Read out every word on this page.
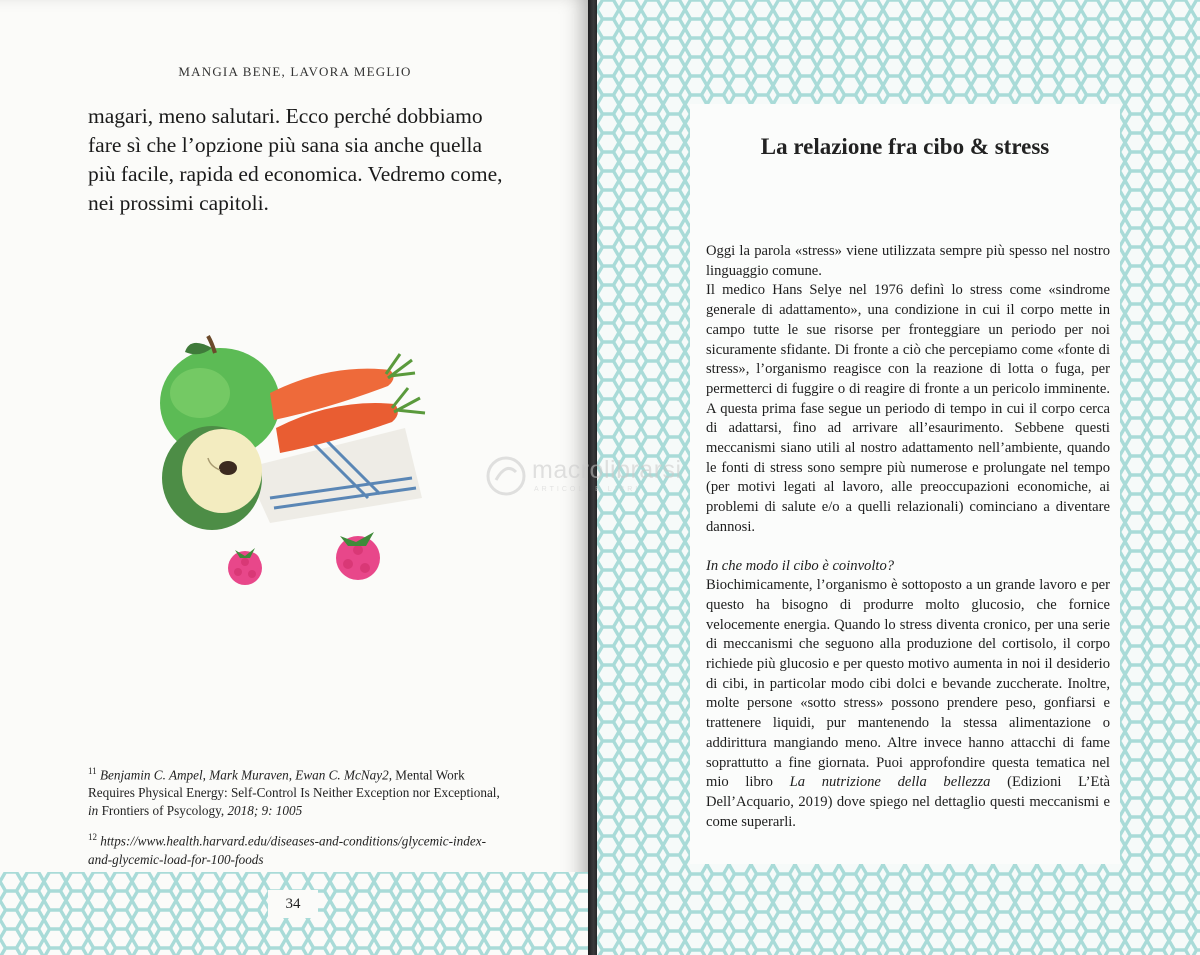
MANGIA BENE, LAVORA MEGLIO

magari, meno salutari. Ecco perché dobbiamo fare sì che l’opzione più sana sia anche quella più facile, rapida ed economica. Vedremo come, nei prossimi capitoli.

$^{11}$ Benjamin C. Ampel, Mark Muraven, Ewan C. McNay2, Mental Work Requires Physical Energy: Self-Control Is Neither Exception nor Exceptional, in Frontiers of Psycology, 2018; 9: 1005

$^{12}$ https://www.health.harvard.edu/diseases-and-conditions/glycemic-index-and-glycemic-load-for-100-foods

34
La relazione fra cibo & stress

Oggi la parola «stress» viene utilizzata sempre più spesso nel nostro linguaggio comune.

Il medico Hans Selye nel 1976 definì lo stress come «sindrome generale di adattamento», una condizione in cui il corpo mette in campo tutte le sue risorse per fronteggiare un periodo per noi sicuramente sfidante. Di fronte a ciò che percepiamo come «fonte di stress», l’organismo reagisce con la reazione di lotta o fuga, per permetterci di fuggire o di reagire di fronte a un pericolo imminente. A questa prima fase segue un periodo di tempo in cui il corpo cerca di adattarsi, fino ad arrivare all’esaurimento. Sebbene questi meccanismi siano utili al nostro adattamento nell’ambiente, quando le fonti di stress sono sempre più numerose e prolungate nel tempo (per motivi legati al lavoro, alle preoccupazioni economiche, ai problemi di salute e/o a quelli relazionali) cominciano a diventare dannosi.

In che modo il cibo è coinvolto?

Biochimicamente, l’organismo è sottoposto a un grande lavoro e per questo ha bisogno di produrre molto glucosio, che fornice velocemente energia. Quando lo stress diventa cronico, per una serie di meccanismi che seguono alla produzione del cortisolo, il corpo richiede più glucosio e per questo motivo aumenta in noi il desiderio di cibi, in particolar modo cibi dolci e bevande zuccherate. Inoltre, molte persone «sotto stress» possono prendere peso, gonfiarsi e trattenere liquidi, pur mantenendo la stessa alimentazione o addirittura mangiando meno. Altre invece hanno attacchi di fame soprattutto a fine giornata. Puoi approfondire questa tematica nel mio libro La nutrizione della bellezza (Edizioni L’Età Dell’Acquario, 2019) dove spiego nel dettaglio questi meccanismi e come superarli.

macrolibrarsi
ARTICOLI E LIBRI
